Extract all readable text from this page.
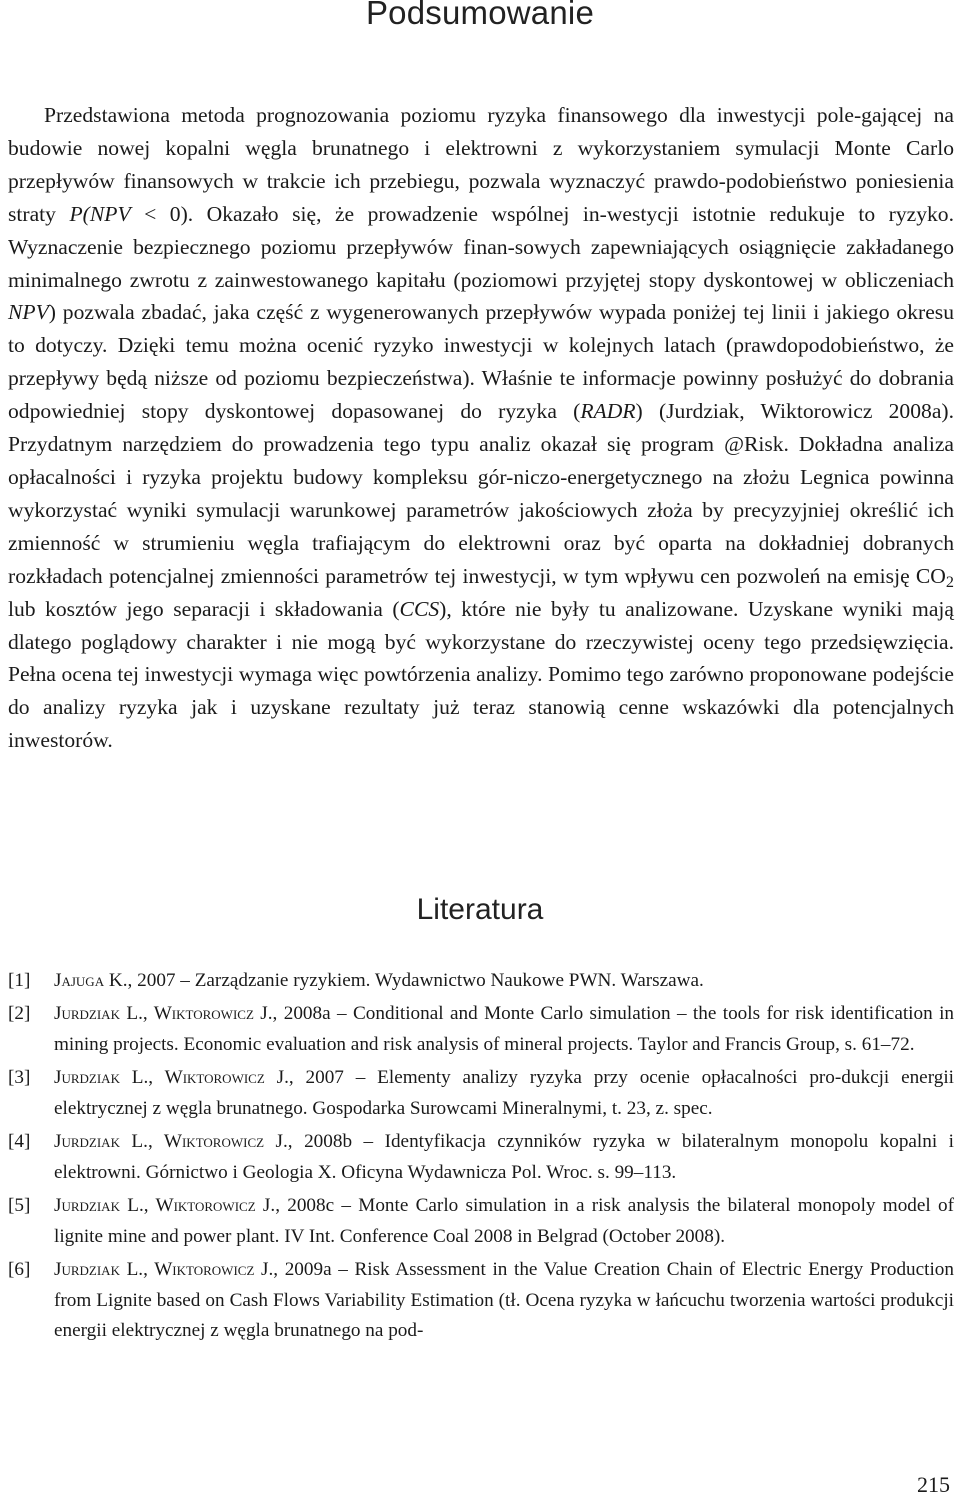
Podsumowanie

Przedstawiona metoda prognozowania poziomu ryzyka finansowego dla inwestycji pole-gającej na budowie nowej kopalni węgla brunatnego i elektrowni z wykorzystaniem symulacji Monte Carlo przepływów finansowych w trakcie ich przebiegu, pozwala wyznaczyć prawdo-podobieństwo poniesienia straty P(NPV < 0). Okazało się, że prowadzenie wspólnej in-westycji istotnie redukuje to ryzyko. Wyznaczenie bezpiecznego poziomu przepływów finan-sowych zapewniających osiągnięcie zakładanego minimalnego zwrotu z zainwestowanego kapitału (poziomowi przyjętej stopy dyskontowej w obliczeniach NPV) pozwala zbadać, jaka część z wygenerowanych przepływów wypada poniżej tej linii i jakiego okresu to dotyczy. Dzięki temu można ocenić ryzyko inwestycji w kolejnych latach (prawdopodobieństwo, że przepływy będą niższe od poziomu bezpieczeństwa). Właśnie te informacje powinny posłużyć do dobrania odpowiedniej stopy dyskontowej dopasowanej do ryzyka (RADR) (Jurdziak, Wiktorowicz 2008a). Przydatnym narzędziem do prowadzenia tego typu analiz okazał się program @Risk. Dokładna analiza opłacalności i ryzyka projektu budowy kompleksu gór-niczo-energetycznego na złożu Legnica powinna wykorzystać wyniki symulacji warunkowej parametrów jakościowych złoża by precyzyjniej określić ich zmienność w strumieniu węgla trafiającym do elektrowni oraz być oparta na dokładniej dobranych rozkładach potencjalnej zmienności parametrów tej inwestycji, w tym wpływu cen pozwoleń na emisję $CO_2$ lub kosztów jego separacji i składowania (CCS), które nie były tu analizowane. Uzyskane wyniki mają dlatego poglądowy charakter i nie mogą być wykorzystane do rzeczywistej oceny tego przedsięwzięcia. Pełna ocena tej inwestycji wymaga więc powtórzenia analizy. Pomimo tego zarówno proponowane podejście do analizy ryzyka jak i uzyskane rezultaty już teraz stanowią cenne wskazówki dla potencjalnych inwestorów.

Literatura
[1] Jajuga K., 2007 – Zarządzanie ryzykiem. Wydawnictwo Naukowe PWN. Warszawa.
[2] Jurdziak L., Wiktorowicz J., 2008a – Conditional and Monte Carlo simulation – the tools for risk identification in mining projects. Economic evaluation and risk analysis of mineral projects. Taylor and Francis Group, s. 61–72.
[3] Jurdziak L., Wiktorowicz J., 2007 – Elementy analizy ryzyka przy ocenie opłacalności pro-dukcji energii elektrycznej z węgla brunatnego. Gospodarka Surowcami Mineralnymi, t. 23, z. spec.
[4] Jurdziak L., Wiktorowicz J., 2008b – Identyfikacja czynników ryzyka w bilateralnym monopolu kopalni i elektrowni. Górnictwo i Geologia X. Oficyna Wydawnicza Pol. Wroc. s. 99–113.
[5] Jurdziak L., Wiktorowicz J., 2008c – Monte Carlo simulation in a risk analysis the bilateral monopoly model of lignite mine and power plant. IV Int. Conference Coal 2008 in Belgrad (October 2008).
[6] Jurdziak L., Wiktorowicz J., 2009a – Risk Assessment in the Value Creation Chain of Electric Energy Production from Lignite based on Cash Flows Variability Estimation (tł. Ocena ryzyka w łańcuchu tworzenia wartości produkcji energii elektrycznej z węgla brunatnego na pod-

215
